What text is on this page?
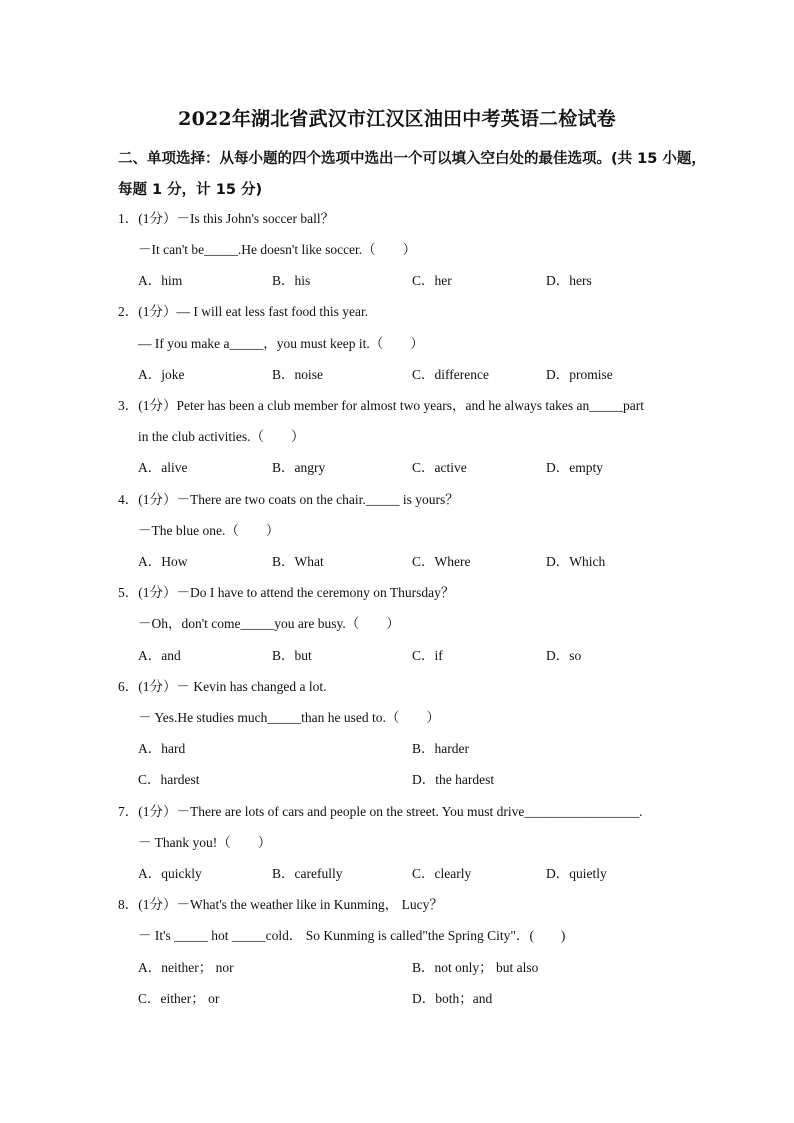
2022年湖北省武汉市江汉区油田中考英语二检试卷
二、单项选择：从每小题的四个选项中选出一个可以填入空白处的最佳选项。(共 15 小题，每题 1 分，计 15 分)
1．(1分）－Is this John's soccer ball？
－It can't be_____.He doesn't like soccer.（　　）
A．him	B．his	C．her	D．hers
2．(1分）— I will eat less fast food this year.
— If you make a_____，you must keep it.（　　）
A．joke	B．noise	C．difference	D．promise
3．(1分）Peter has been a club member for almost two years，and he always takes an_____part
in the club activities.（　　）
A．alive	B．angry	C．active	D．empty
4．(1分）－There are two coats on the chair._____ is yours？
－The blue one.（　　）
A．How	B．What	C．Where	D．Which
5．(1分）－Do I have to attend the ceremony on Thursday？
－Oh，don't come_____you are busy.（　　）
A．and	B．but	C．if	D．so
6．(1分）－ Kevin has changed a lot.
－ Yes.He studies much_____than he used to.（　　）
A．hard	B．harder
C．hardest	D．the hardest
7．(1分）－There are lots of cars and people on the street. You must drive_________________.
－ Thank you!（　　）
A．quickly	B．carefully	C．clearly	D．quietly
8．(1分）－What's the weather like in Kunming， Lucy？
－ It's _____ hot _____cold． So Kunming is called"the Spring City"．(　　)
A．neither； nor	B．not only； but also
C．either； or	D．both；and
